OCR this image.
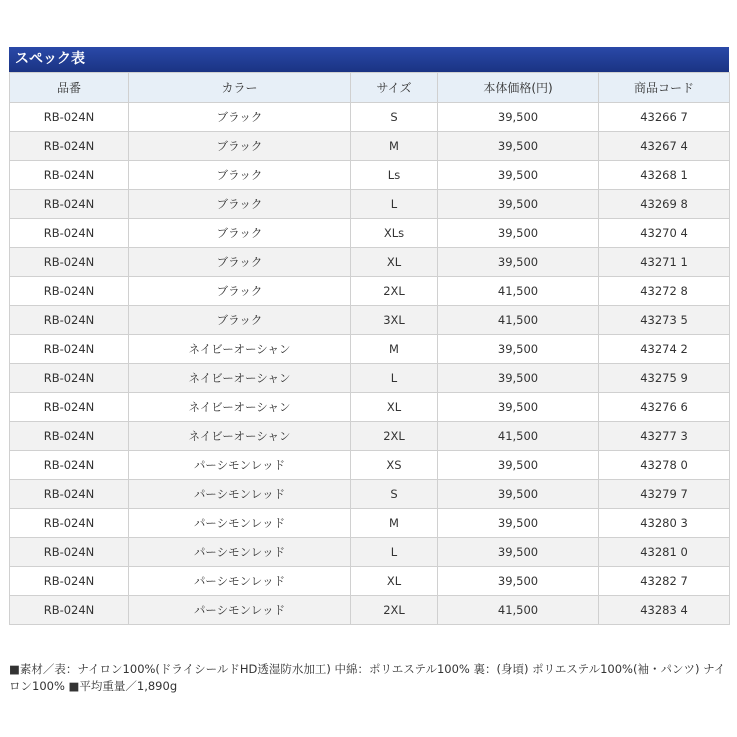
スペック表
品番	カラー	サイズ	本体価格(円)	商品コード
RB-024N	ブラック	S	39,500	43266 7
RB-024N	ブラック	M	39,500	43267 4
RB-024N	ブラック	Ls	39,500	43268 1
RB-024N	ブラック	L	39,500	43269 8
RB-024N	ブラック	XLs	39,500	43270 4
RB-024N	ブラック	XL	39,500	43271 1
RB-024N	ブラック	2XL	41,500	43272 8
RB-024N	ブラック	3XL	41,500	43273 5
RB-024N	ネイビーオーシャン	M	39,500	43274 2
RB-024N	ネイビーオーシャン	L	39,500	43275 9
RB-024N	ネイビーオーシャン	XL	39,500	43276 6
RB-024N	ネイビーオーシャン	2XL	41,500	43277 3
RB-024N	パーシモンレッド	XS	39,500	43278 0
RB-024N	パーシモンレッド	S	39,500	43279 7
RB-024N	パーシモンレッド	M	39,500	43280 3
RB-024N	パーシモンレッド	L	39,500	43281 0
RB-024N	パーシモンレッド	XL	39,500	43282 7
RB-024N	パーシモンレッド	2XL	41,500	43283 4
■素材／表：ナイロン100%(ドライシールドHD透湿防水加工) 中綿：ポリエステル100% 裏：(身頃) ポリエステル100%(袖・パンツ) ナイロン100% ■平均重量／1,890g
